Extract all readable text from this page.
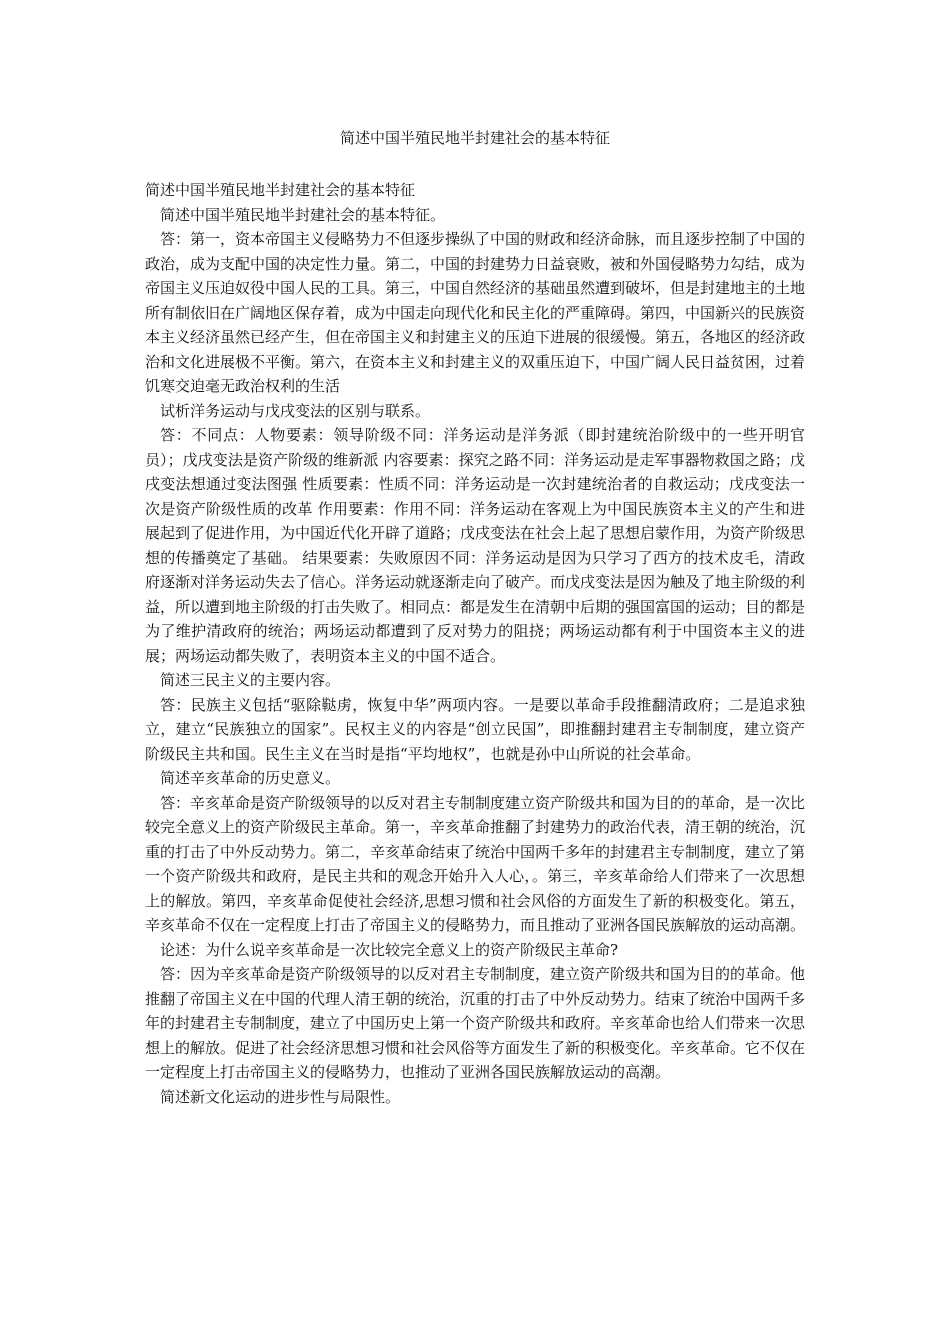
简述中国半殖民地半封建社会的基本特征

简述中国半殖民地半封建社会的基本特征

简述中国半殖民地半封建社会的基本特征。

答：第一，资本帝国主义侵略势力不但逐步操纵了中国的财政和经济命脉，而且逐步控制了中国的政治，成为支配中国的决定性力量。第二，中国的封建势力日益衰败，被和外国侵略势力勾结，成为帝国主义压迫奴役中国人民的工具。第三，中国自然经济的基础虽然遭到破坏，但是封建地主的土地所有制依旧在广阔地区保存着，成为中国走向现代化和民主化的严重障碍。第四，中国新兴的民族资本主义经济虽然已经产生，但在帝国主义和封建主义的压迫下进展的很缓慢。第五，各地区的经济政治和文化进展极不平衡。第六，在资本主义和封建主义的双重压迫下，中国广阔人民日益贫困，过着饥寒交迫毫无政治权利的生活

试析洋务运动与戊戌变法的区别与联系。

答：不同点：人物要素：领导阶级不同：洋务运动是洋务派（即封建统治阶级中的一些开明官员）；戊戌变法是资产阶级的维新派 内容要素：探究之路不同：洋务运动是走军事器物救国之路；戊戌变法想通过变法图强 性质要素：性质不同：洋务运动是一次封建统治者的自救运动；戊戌变法一次是资产阶级性质的改革 作用要素：作用不同：洋务运动在客观上为中国民族资本主义的产生和进展起到了促进作用，为中国近代化开辟了道路；戊戌变法在社会上起了思想启蒙作用，为资产阶级思想的传播奠定了基础。 结果要素：失败原因不同：洋务运动是因为只学习了西方的技术皮毛，清政府逐渐对洋务运动失去了信心。洋务运动就逐渐走向了破产。而戊戌变法是因为触及了地主阶级的利益，所以遭到地主阶级的打击失败了。相同点：都是发生在清朝中后期的强国富国的运动；目的都是为了维护清政府的统治；两场运动都遭到了反对势力的阻挠；两场运动都有利于中国资本主义的进展；两场运动都失败了，表明资本主义的中国不适合。

简述三民主义的主要内容。

答：民族主义包括“驱除鞑虏，恢复中华”两项内容。一是要以革命手段推翻清政府；二是追求独立，建立“民族独立的国家”。民权主义的内容是“创立民国”，即推翻封建君主专制制度，建立资产阶级民主共和国。民生主义在当时是指“平均地权”，也就是孙中山所说的社会革命。

简述辛亥革命的历史意义。

答：辛亥革命是资产阶级领导的以反对君主专制制度建立资产阶级共和国为目的的革命，是一次比较完全意义上的资产阶级民主革命。第一，辛亥革命推翻了封建势力的政治代表，清王朝的统治，沉重的打击了中外反动势力。第二，辛亥革命结束了统治中国两千多年的封建君主专制制度，建立了第一个资产阶级共和政府，是民主共和的观念开始升入人心，。第三，辛亥革命给人们带来了一次思想上的解放。第四，辛亥革命促使社会经济,思想习惯和社会风俗的方面发生了新的积极变化。第五，辛亥革命不仅在一定程度上打击了帝国主义的侵略势力，而且推动了亚洲各国民族解放的运动高潮。

论述：为什么说辛亥革命是一次比较完全意义上的资产阶级民主革命?

答：因为辛亥革命是资产阶级领导的以反对君主专制制度，建立资产阶级共和国为目的的革命。他推翻了帝国主义在中国的代理人清王朝的统治，沉重的打击了中外反动势力。结束了统治中国两千多年的封建君主专制制度，建立了中国历史上第一个资产阶级共和政府。辛亥革命也给人们带来一次思想上的解放。促进了社会经济思想习惯和社会风俗等方面发生了新的积极变化。辛亥革命。它不仅在一定程度上打击帝国主义的侵略势力，也推动了亚洲各国民族解放运动的高潮。

简述新文化运动的进步性与局限性。
